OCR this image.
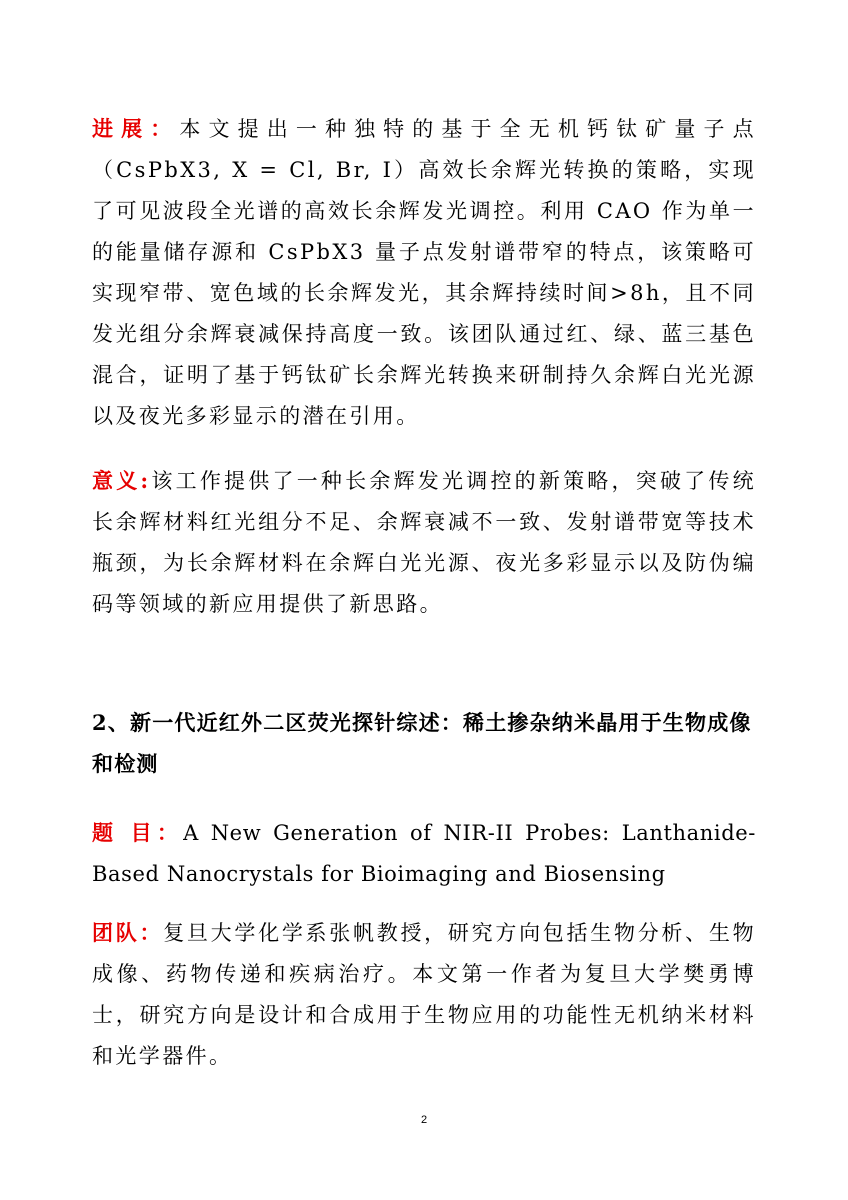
进展：本文提出一种独特的基于全无机钙钛矿量子点（CsPbX3, X = Cl, Br, I）高效长余辉光转换的策略，实现了可见波段全光谱的高效长余辉发光调控。利用 CAO 作为单一的能量储存源和 CsPbX3 量子点发射谱带窄的特点，该策略可实现窄带、宽色域的长余辉发光，其余辉持续时间>8h，且不同发光组分余辉衰减保持高度一致。该团队通过红、绿、蓝三基色混合，证明了基于钙钛矿长余辉光转换来研制持久余辉白光光源以及夜光多彩显示的潜在引用。

意义:该工作提供了一种长余辉发光调控的新策略，突破了传统长余辉材料红光组分不足、余辉衰减不一致、发射谱带宽等技术瓶颈，为长余辉材料在余辉白光光源、夜光多彩显示以及防伪编码等领域的新应用提供了新思路。

2、新一代近红外二区荧光探针综述：稀土掺杂纳米晶用于生物成像和检测

题 目：A New Generation of NIR-II Probes: Lanthanide-Based Nanocrystals for Bioimaging and Biosensing

团队：复旦大学化学系张帆教授，研究方向包括生物分析、生物成像、药物传递和疾病治疗。本文第一作者为复旦大学樊勇博士，研究方向是设计和合成用于生物应用的功能性无机纳米材料和光学器件。

2
